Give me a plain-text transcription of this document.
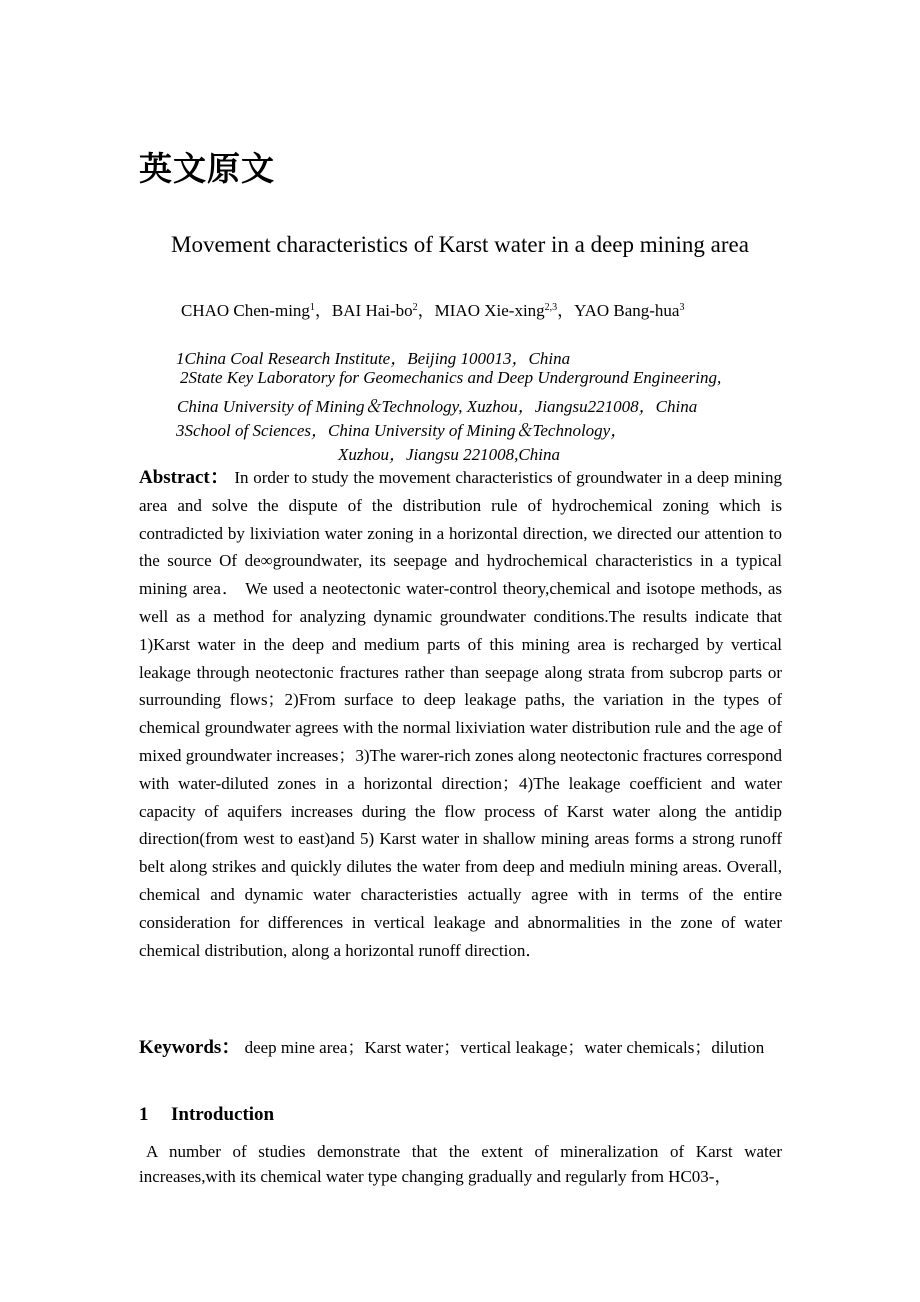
英文原文
Movement characteristics of Karst water in a deep mining area
CHAO Chen-ming$^1$，BAI Hai-$bo^2$，MIAO Xie-xing$^{2,3}$，YAO Bang-hua$^3$
1China Coal Research Institute，Beijing 100013，China
2State Key Laboratory for Geomechanics and Deep Underground Engineering,
China University of Mining＆Technology, Xuzhou，Jiangsu221008，China
3School of Sciences，China University of Mining＆Technology，
Xuzhou，Jiangsu 221008,China
Abstract： In order to study the movement characteristics of groundwater in a deep mining area and solve the dispute of the distribution rule of hydrochemical zoning which is contradicted by lixiviation water zoning in a horizontal direction, we directed our attention to the source Of de∞groundwater, its seepage and hydrochemical characteristics in a typical mining area． We used a neotectonic water-control theory,chemical and isotope methods, as well as a method for analyzing dynamic groundwater conditions.The results indicate that 1)Karst water in the deep and medium parts of this mining area is recharged by vertical leakage through neotectonic fractures rather than seepage along strata from subcrop parts or surrounding flows；2)From surface to deep leakage paths, the variation in the types of chemical groundwater agrees with the normal lixiviation water distribution rule and the age of mixed groundwater increases；3)The warer-rich zones along neotectonic fractures correspond with water-diluted zones in a horizontal direction；4)The leakage coefficient and water capacity of aquifers increases during the flow process of Karst water along the antidip direction(from west to east)and 5) Karst water in shallow mining areas forms a strong runoff belt along strikes and quickly dilutes the water from deep and mediuln mining areas. Overall, chemical and dynamic water characteristies actually agree with in terms of the entire consideration for differences in vertical leakage and abnormalities in the zone of water chemical distribution, along a horizontal runoff direction．
Keywords： deep mine area；Karst water；vertical leakage；water chemicals；dilution
1 Introduction
A number of studies demonstrate that the extent of mineralization of Karst water increases,with its chemical water type changing gradually and regularly from HC03-，
